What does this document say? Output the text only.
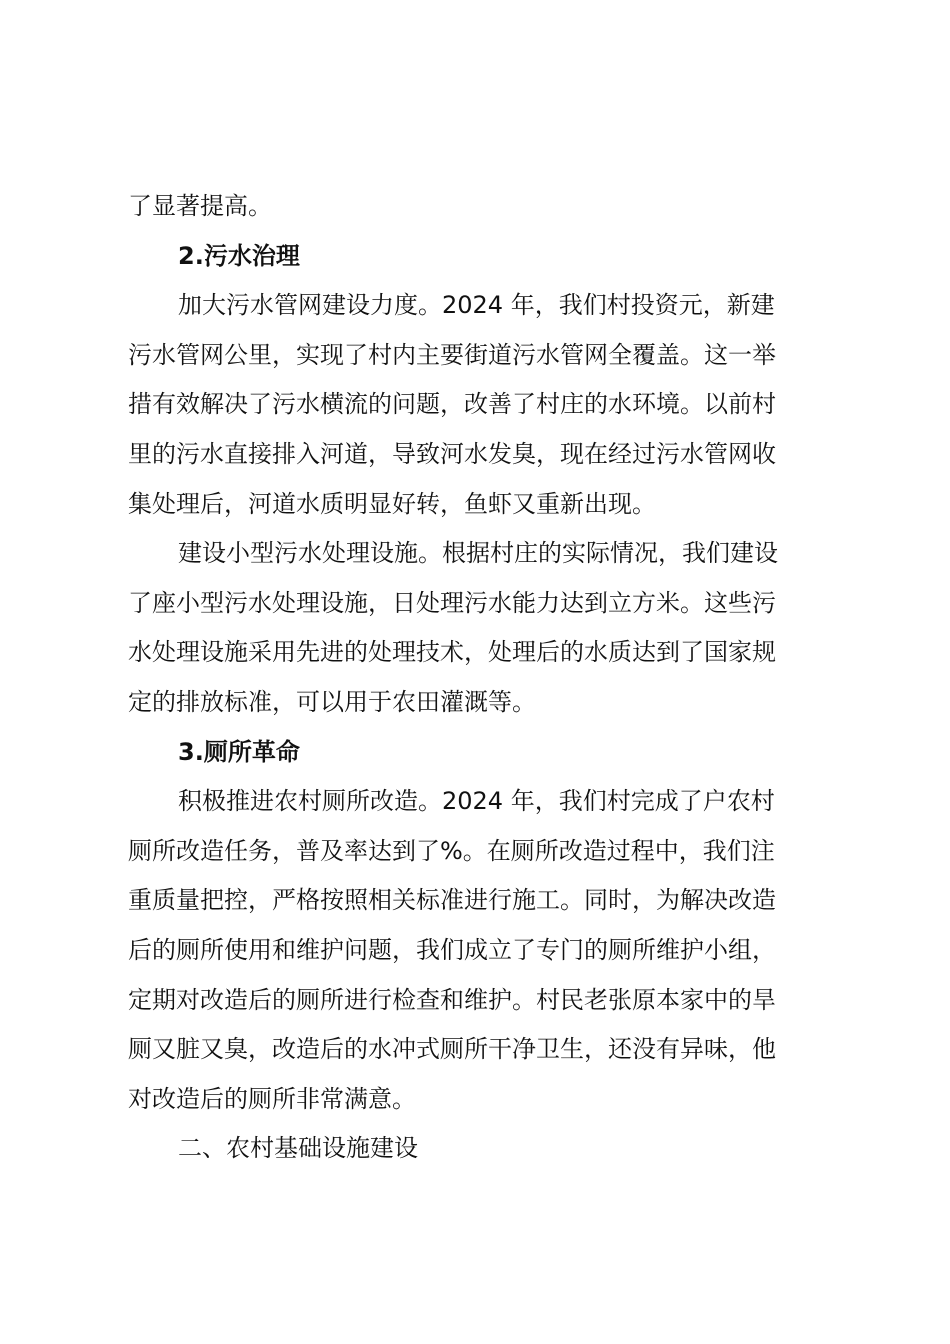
了显著提高。

2.污水治理

加大污水管网建设力度。2024 年，我们村投资元，新建

污水管网公里，实现了村内主要街道污水管网全覆盖。这一举

措有效解决了污水横流的问题，改善了村庄的水环境。以前村

里的污水直接排入河道，导致河水发臭，现在经过污水管网收

集处理后，河道水质明显好转，鱼虾又重新出现。

建设小型污水处理设施。根据村庄的实际情况，我们建设

了座小型污水处理设施，日处理污水能力达到立方米。这些污

水处理设施采用先进的处理技术，处理后的水质达到了国家规

定的排放标准，可以用于农田灌溉等。

3.厕所革命

积极推进农村厕所改造。2024 年，我们村完成了户农村

厕所改造任务，普及率达到了%。在厕所改造过程中，我们注

重质量把控，严格按照相关标准进行施工。同时，为解决改造

后的厕所使用和维护问题，我们成立了专门的厕所维护小组，

定期对改造后的厕所进行检查和维护。村民老张原本家中的旱

厕又脏又臭，改造后的水冲式厕所干净卫生，还没有异味，他

对改造后的厕所非常满意。

二、农村基础设施建设
